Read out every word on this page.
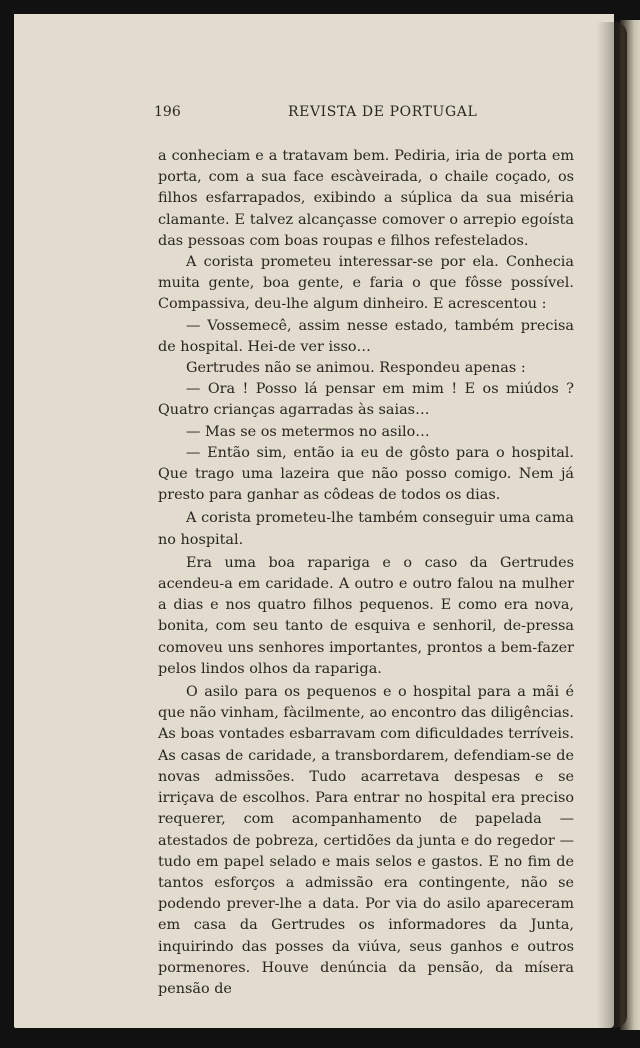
196	REVISTA DE PORTUGAL

a conheciam e a tratavam bem. Pediria, iria de porta em porta, com a sua face escàveirada, o chaile coçado, os filhos esfarrapados, exibindo a súplica da sua miséria clamante. E talvez alcançasse comover o arrepio egoísta das pessoas com boas roupas e filhos refestelados.

A corista prometeu interessar-se por ela. Conhecia muita gente, boa gente, e faria o que fôsse possível. Compassiva, deu-lhe algum dinheiro. E acrescentou :

— Vossemecê, assim nesse estado, também precisa de hospital. Hei-de ver isso…

Gertrudes não se animou. Respondeu apenas :

— Ora ! Posso lá pensar em mim ! E os miúdos ? Quatro crianças agarradas às saias…

— Mas se os metermos no asilo…

— Então sim, então ia eu de gôsto para o hospital. Que trago uma lazeira que não posso comigo. Nem já presto para ganhar as côdeas de todos os dias.

A corista prometeu-lhe também conseguir uma cama no hospital.

Era uma boa rapariga e o caso da Gertrudes acendeu-a em caridade. A outro e outro falou na mulher a dias e nos quatro filhos pequenos. E como era nova, bonita, com seu tanto de esquiva e senhoril, de-pressa comoveu uns senhores importantes, prontos a bem-fazer pelos lindos olhos da rapariga.

O asilo para os pequenos e o hospital para a mãi é que não vinham, fàcilmente, ao encontro das diligências. As boas vontades esbarravam com dificuldades terríveis. As casas de caridade, a transbordarem, defendiam-se de novas admissões. Tudo acarretava despesas e se irriçava de escolhos. Para entrar no hospital era preciso requerer, com acompanhamento de papelada — atestados de pobreza, certidões da junta e do regedor — tudo em papel selado e mais selos e gastos. E no fim de tantos esforços a admissão era contingente, não se podendo prever-lhe a data. Por via do asilo apareceram em casa da Gertrudes os informadores da Junta, inquirindo das posses da viúva, seus ganhos e outros pormenores. Houve denúncia da pensão, da mísera pensão de
